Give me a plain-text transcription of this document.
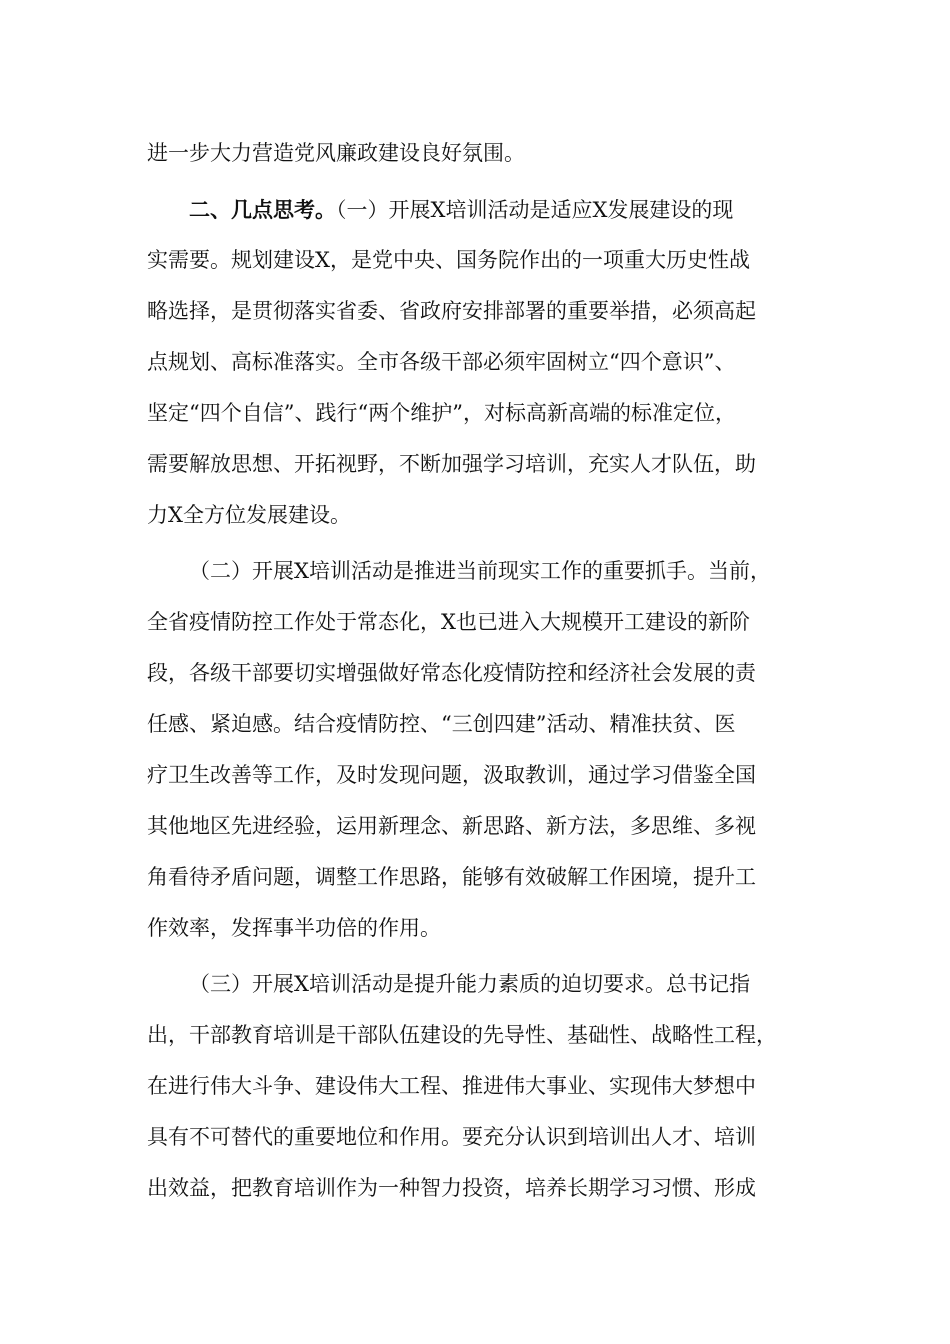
进一步大力营造党风廉政建设良好氛围。
二、几点思考。（一）开展X培训活动是适应X发展建设的现
实需要。规划建设X，是党中央、国务院作出的一项重大历史性战
略选择，是贯彻落实省委、省政府安排部署的重要举措，必须高起
点规划、高标准落实。全市各级干部必须牢固树立“四个意识”、
坚定“四个自信”、践行“两个维护”，对标高新高端的标准定位，
需要解放思想、开拓视野，不断加强学习培训，充实人才队伍，助
力X全方位发展建设。
（二）开展X培训活动是推进当前现实工作的重要抓手。当前，
全省疫情防控工作处于常态化，X也已进入大规模开工建设的新阶
段，各级干部要切实增强做好常态化疫情防控和经济社会发展的责
任感、紧迫感。结合疫情防控、“三创四建”活动、精准扶贫、医
疗卫生改善等工作，及时发现问题，汲取教训，通过学习借鉴全国
其他地区先进经验，运用新理念、新思路、新方法，多思维、多视
角看待矛盾问题，调整工作思路，能够有效破解工作困境，提升工
作效率，发挥事半功倍的作用。
（三）开展X培训活动是提升能力素质的迫切要求。总书记指
出，干部教育培训是干部队伍建设的先导性、基础性、战略性工程，
在进行伟大斗争、建设伟大工程、推进伟大事业、实现伟大梦想中
具有不可替代的重要地位和作用。要充分认识到培训出人才、培训
出效益，把教育培训作为一种智力投资，培养长期学习习惯、形成
